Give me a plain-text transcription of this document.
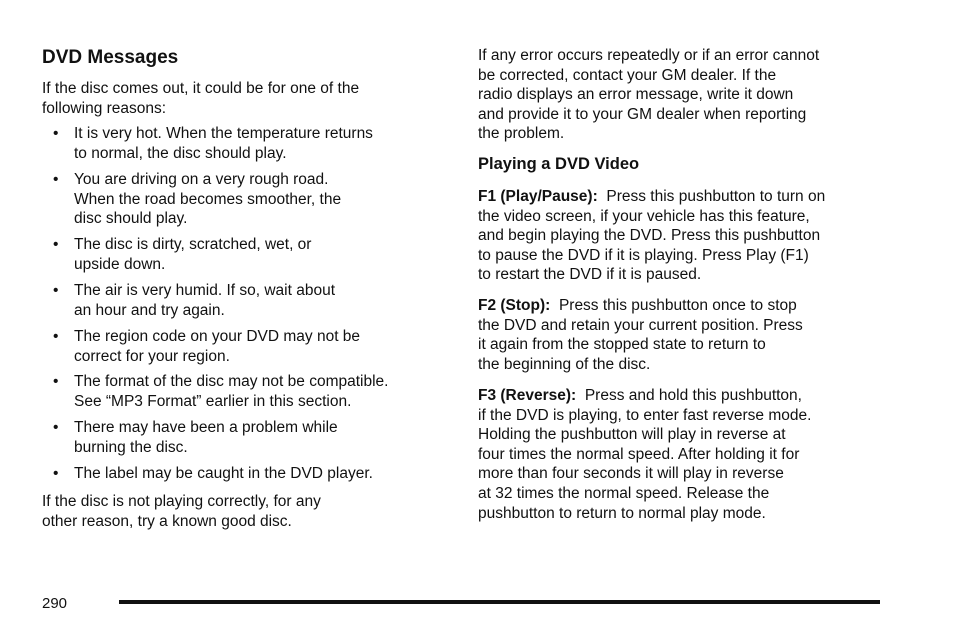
DVD Messages
If the disc comes out, it could be for one of the
following reasons:
• It is very hot. When the temperature returns
to normal, the disc should play.
• You are driving on a very rough road.
When the road becomes smoother, the
disc should play.
• The disc is dirty, scratched, wet, or
upside down.
• The air is very humid. If so, wait about
an hour and try again.
• The region code on your DVD may not be
correct for your region.
• The format of the disc may not be compatible.
See “MP3 Format” earlier in this section.
• There may have been a problem while
burning the disc.
• The label may be caught in the DVD player.
If the disc is not playing correctly, for any
other reason, try a known good disc.
If any error occurs repeatedly or if an error cannot
be corrected, contact your GM dealer. If the
radio displays an error message, write it down
and provide it to your GM dealer when reporting
the problem.
Playing a DVD Video
F1 (Play/Pause):  Press this pushbutton to turn on
the video screen, if your vehicle has this feature,
and begin playing the DVD. Press this pushbutton
to pause the DVD if it is playing. Press Play (F1)
to restart the DVD if it is paused.
F2 (Stop):  Press this pushbutton once to stop
the DVD and retain your current position. Press
it again from the stopped state to return to
the beginning of the disc.
F3 (Reverse):  Press and hold this pushbutton,
if the DVD is playing, to enter fast reverse mode.
Holding the pushbutton will play in reverse at
four times the normal speed. After holding it for
more than four seconds it will play in reverse
at 32 times the normal speed. Release the
pushbutton to return to normal play mode.
290
